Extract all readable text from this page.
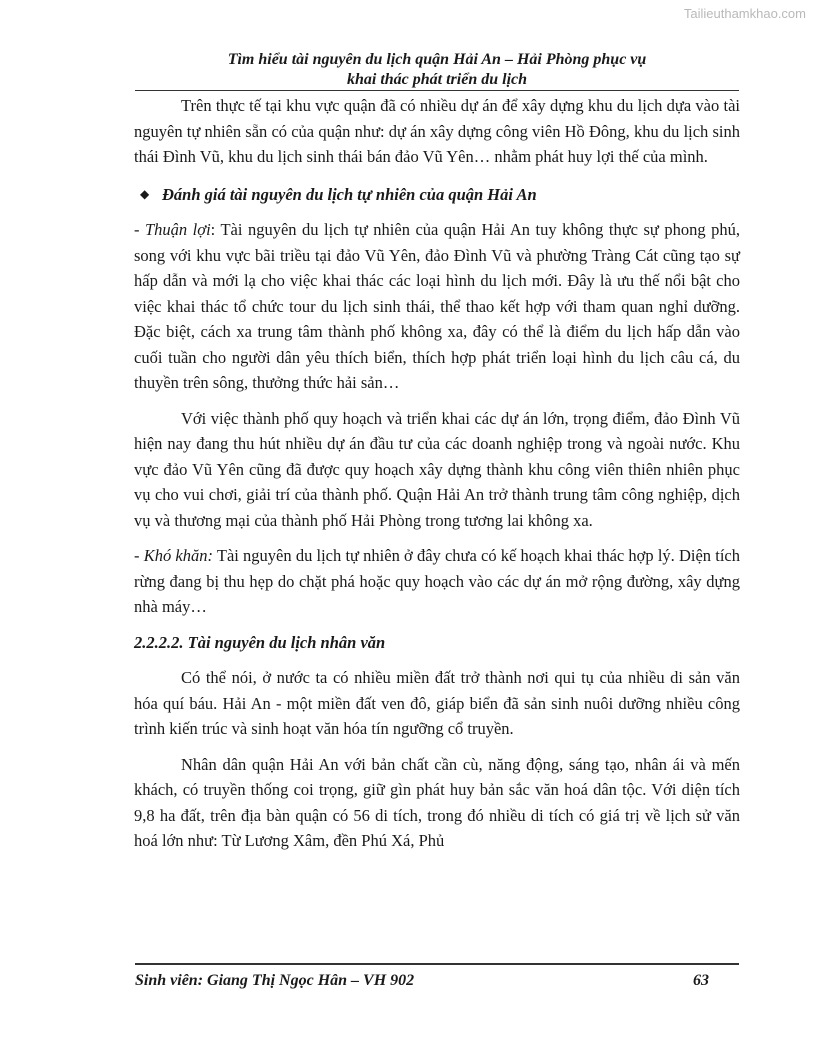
Tailieuthamkhao.com
Tìm hiểu tài nguyên du lịch quận Hải An – Hải Phòng phục vụ
khai thác phát triển du lịch

Trên thực tế tại khu vực quận đã có nhiều dự án để xây dựng khu du lịch dựa vào tài nguyên tự nhiên sẵn có của quận như: dự án xây dựng công viên Hồ Đông, khu du lịch sinh thái Đình Vũ, khu du lịch sinh thái bán đảo Vũ Yên… nhằm phát huy lợi thế của mình.

◆ Đánh giá tài nguyên du lịch tự nhiên của quận Hải An

- Thuận lợi: Tài nguyên du lịch tự nhiên của quận Hải An tuy không thực sự phong phú, song với khu vực bãi triều tại đảo Vũ Yên, đảo Đình Vũ và phường Tràng Cát cũng tạo sự hấp dẫn và mới lạ cho việc khai thác các loại hình du lịch mới. Đây là ưu thế nổi bật cho việc khai thác tổ chức tour du lịch sinh thái, thể thao kết hợp với tham quan nghỉ dưỡng. Đặc biệt, cách xa trung tâm thành phố không xa, đây có thể là điểm du lịch hấp dẫn vào cuối tuần cho người dân yêu thích biển, thích hợp phát triển loại hình du lịch câu cá, du thuyền trên sông, thưởng thức hải sản…

Với việc thành phố quy hoạch và triển khai các dự án lớn, trọng điểm, đảo Đình Vũ hiện nay đang thu hút nhiều dự án đầu tư của các doanh nghiệp trong và ngoài nước. Khu vực đảo Vũ Yên cũng đã được quy hoạch xây dựng thành khu công viên thiên nhiên phục vụ cho vui chơi, giải trí của thành phố. Quận Hải An trở thành trung tâm công nghiệp, dịch vụ và thương mại của thành phố Hải Phòng trong tương lai không xa.

- Khó khăn: Tài nguyên du lịch tự nhiên ở đây chưa có kế hoạch khai thác hợp lý. Diện tích rừng đang bị thu hẹp do chặt phá hoặc quy hoạch vào các dự án mở rộng đường, xây dựng nhà máy…

2.2.2.2. Tài nguyên du lịch nhân văn

Có thể nói, ở nước ta có nhiều miền đất trở thành nơi qui tụ của nhiều di sản văn hóa quí báu. Hải An - một miền đất ven đô, giáp biển đã sản sinh nuôi dưỡng nhiều công trình kiến trúc và sinh hoạt văn hóa tín ngưỡng cổ truyền.

Nhân dân quận Hải An với bản chất cần cù, năng động, sáng tạo, nhân ái và mến khách, có truyền thống coi trọng, giữ gìn phát huy bản sắc văn hoá dân tộc. Với diện tích 9,8 ha đất, trên địa bàn quận có 56 di tích, trong đó nhiều di tích có giá trị về lịch sử văn hoá lớn như: Từ Lương Xâm, đền Phú Xá, Phủ

Sinh viên: Giang Thị Ngọc Hân – VH 902	63
